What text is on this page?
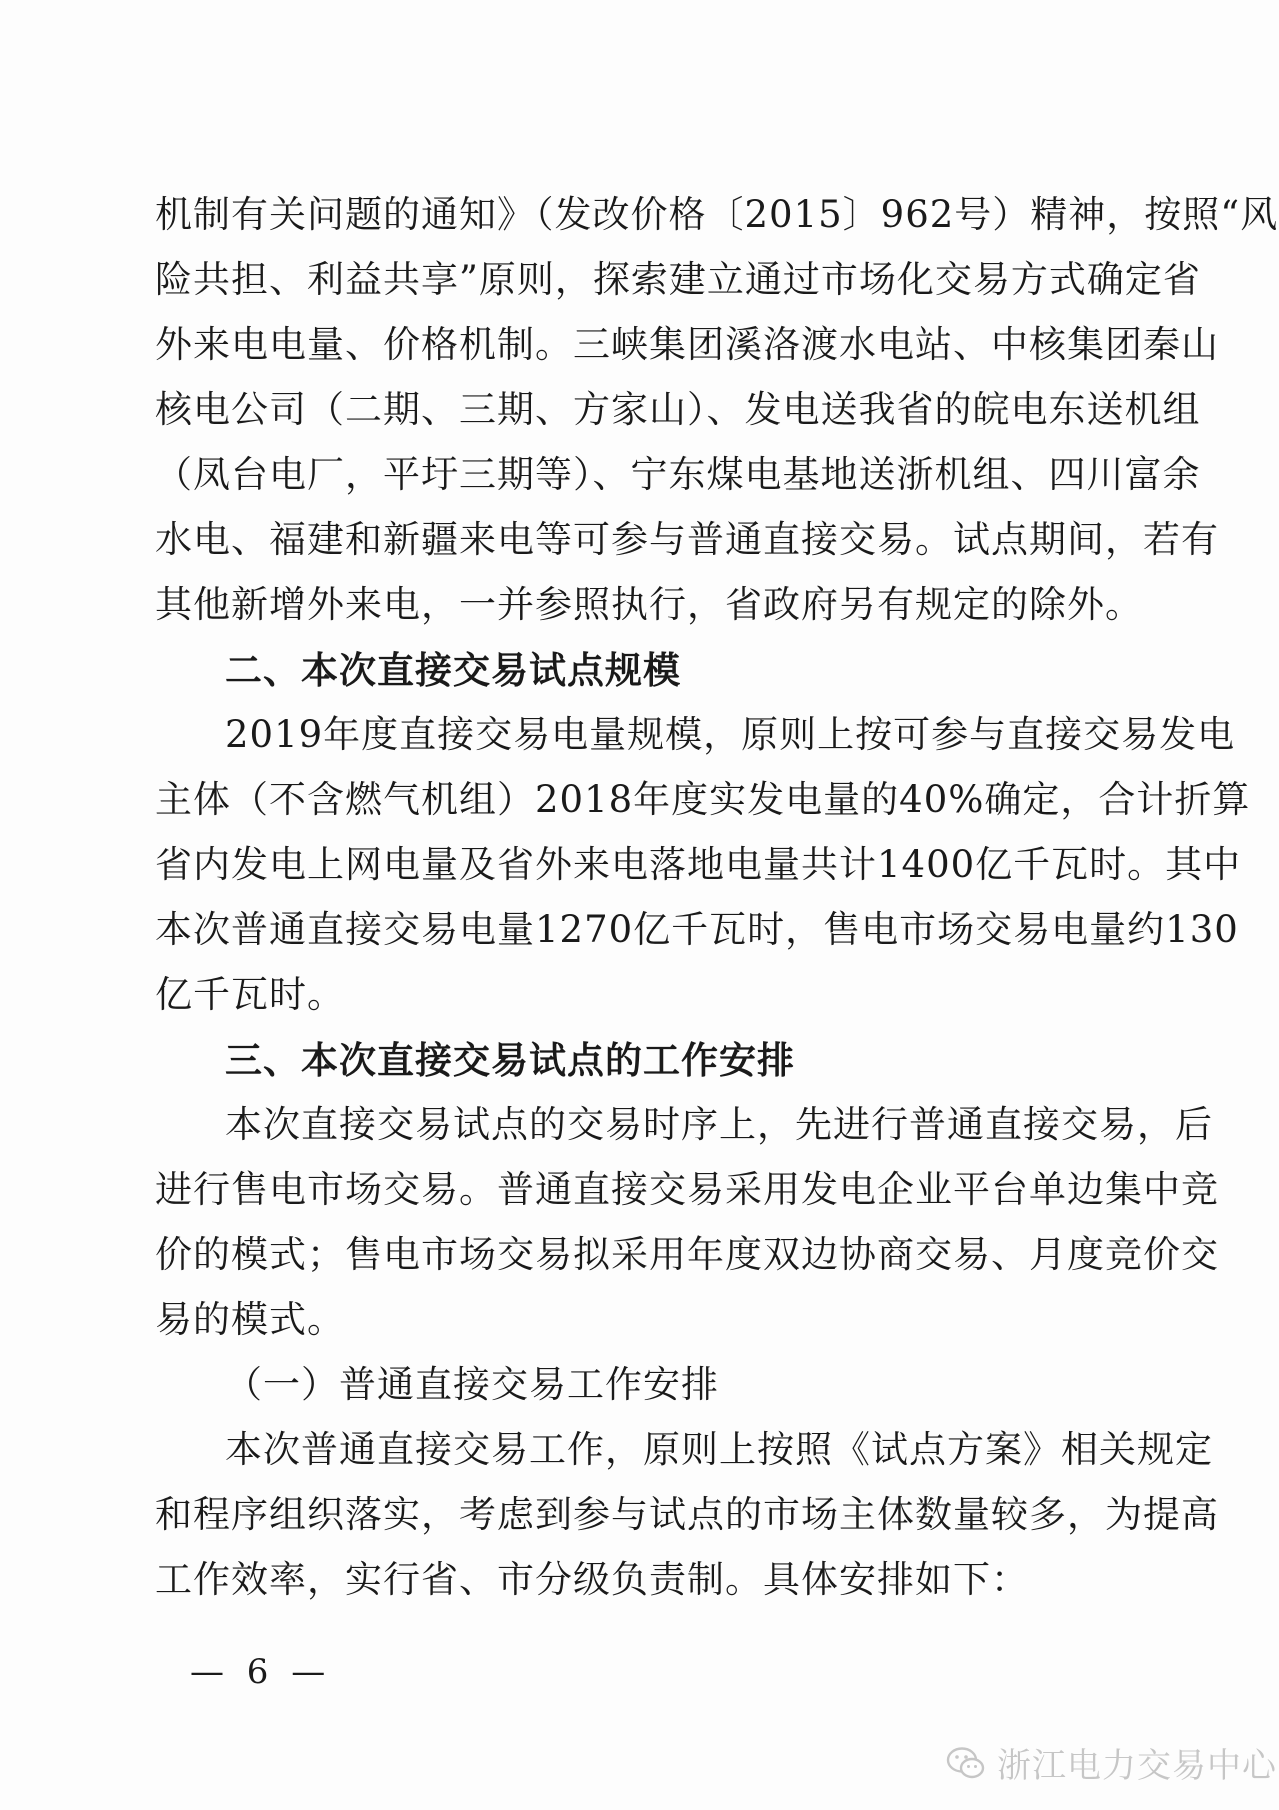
机制有关问题的通知》（发改价格〔2015〕962号）精神，按照“风
险共担、利益共享”原则，探索建立通过市场化交易方式确定省
外来电电量、价格机制。三峡集团溪洛渡水电站、中核集团秦山
核电公司（二期、三期、方家山）、发电送我省的皖电东送机组
（凤台电厂，平圩三期等）、宁东煤电基地送浙机组、四川富余
水电、福建和新疆来电等可参与普通直接交易。试点期间，若有
其他新增外来电，一并参照执行，省政府另有规定的除外。
二、本次直接交易试点规模
2019年度直接交易电量规模，原则上按可参与直接交易发电
主体（不含燃气机组）2018年度实发电量的40%确定，合计折算
省内发电上网电量及省外来电落地电量共计1400亿千瓦时。其中
本次普通直接交易电量1270亿千瓦时，售电市场交易电量约130
亿千瓦时。
三、本次直接交易试点的工作安排
本次直接交易试点的交易时序上，先进行普通直接交易，后
进行售电市场交易。普通直接交易采用发电企业平台单边集中竞
价的模式；售电市场交易拟采用年度双边协商交易、月度竞价交
易的模式。
（一）普通直接交易工作安排
本次普通直接交易工作，原则上按照《试点方案》相关规定
和程序组织落实，考虑到参与试点的市场主体数量较多，为提高
工作效率，实行省、市分级负责制。具体安排如下：
— 6 —
浙江电力交易中心
